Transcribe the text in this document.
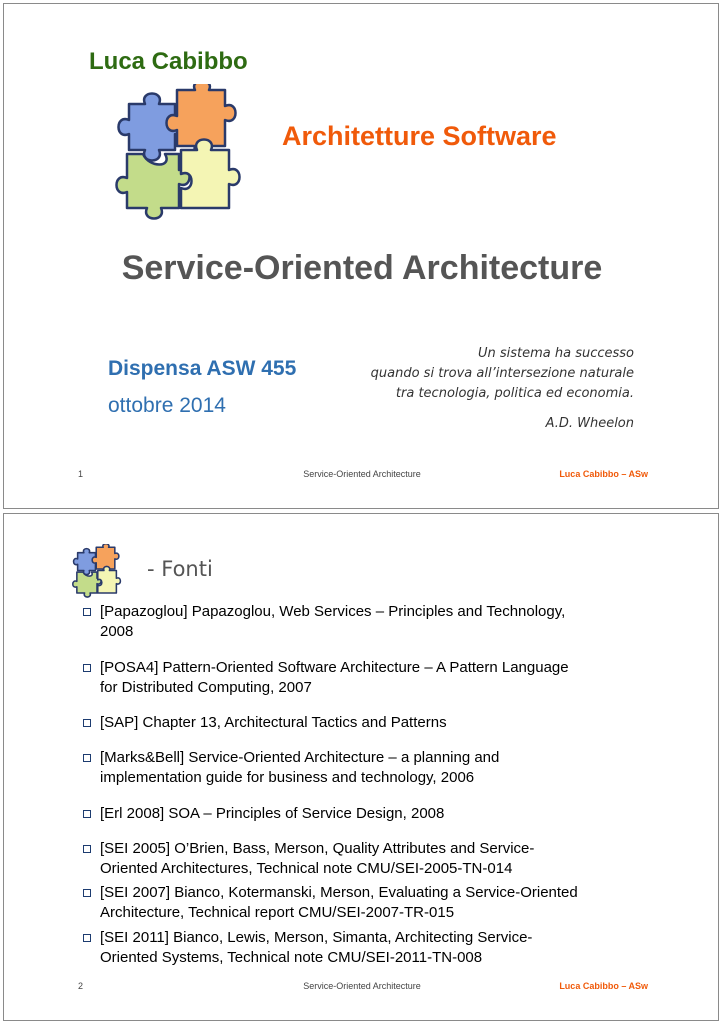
Luca Cabibbo
Architetture Software
Service-Oriented Architecture
Dispensa ASW 455
ottobre 2014
Un sistema ha successo
quando si trova all’intersezione naturale
tra tecnologia, politica ed economia.
A.D. Wheelon
1	Service-Oriented Architecture	Luca Cabibbo – ASw
- Fonti
[Papazoglou] Papazoglou, Web Services – Principles and Technology,
2008
[POSA4] Pattern-Oriented Software Architecture – A Pattern Language
for Distributed Computing, 2007
[SAP] Chapter 13, Architectural Tactics and Patterns
[Marks&Bell] Service-Oriented Architecture – a planning and
implementation guide for business and technology, 2006
[Erl 2008] SOA – Principles of Service Design, 2008
[SEI 2005] O’Brien, Bass, Merson, Quality Attributes and Service-
Oriented Architectures, Technical note CMU/SEI-2005-TN-014
[SEI 2007] Bianco, Kotermanski, Merson, Evaluating a Service-Oriented
Architecture, Technical report CMU/SEI-2007-TR-015
[SEI 2011] Bianco, Lewis, Merson, Simanta, Architecting Service-
Oriented Systems, Technical note CMU/SEI-2011-TN-008
2	Service-Oriented Architecture	Luca Cabibbo – ASw
